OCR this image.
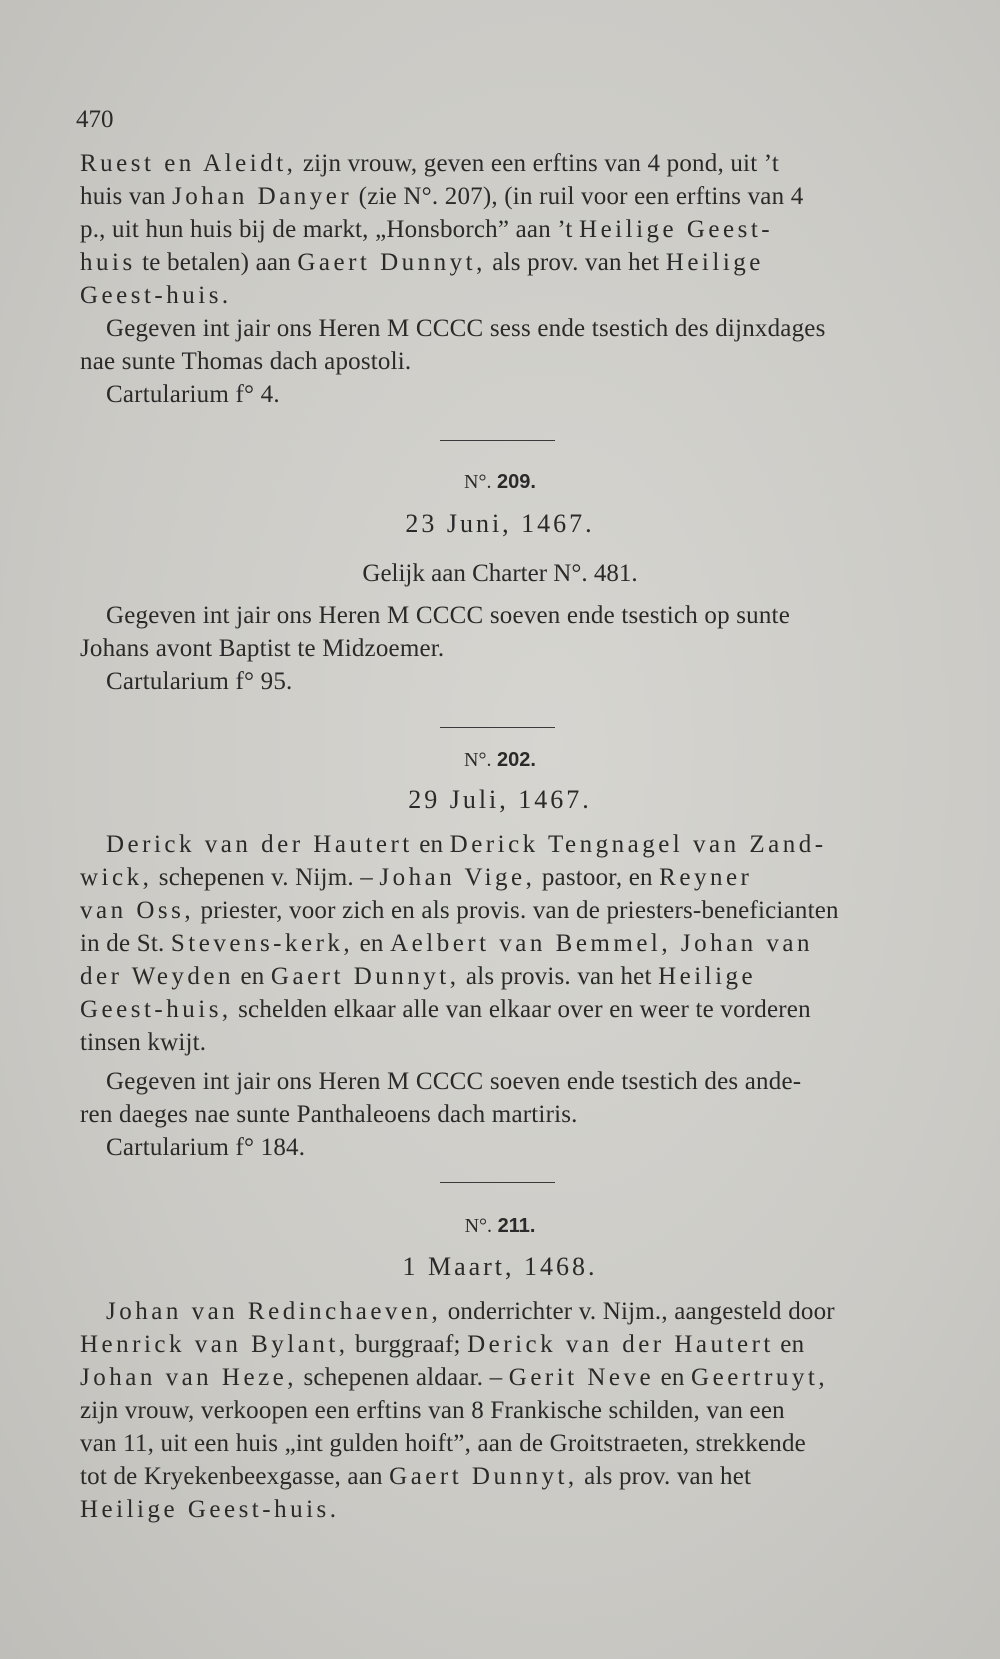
470
Ruest en Aleidt, zijn vrouw, geven een erftins van 4 pond, uit ’t
huis van Johan Danyer (zie N°. 207), (in ruil voor een erftins van 4
p., uit hun huis bij de markt, „Honsborch” aan ’t Heilige Geest-
huis te betalen) aan Gaert Dunnyt, als prov. van het Heilige
Geest-huis.
Gegeven int jair ons Heren M CCCC sess ende tsestich des dijnxdages
nae sunte Thomas dach apostoli.
Cartularium f° 4.
N°. 209.
23 Juni, 1467.
Gelijk aan Charter N°. 481.
Gegeven int jair ons Heren M CCCC soeven ende tsestich op sunte
Johans avont Baptist te Midzoemer.
Cartularium f° 95.
N°. 202.
29 Juli, 1467.
Derick van der Hautert en Derick Tengnagel van Zand-
wick, schepenen v. Nijm. – Johan Vige, pastoor, en Reyner
van Oss, priester, voor zich en als provis. van de priesters-beneficianten
in de St. Stevens-kerk, en Aelbert van Bemmel, Johan van
der Weyden en Gaert Dunnyt, als provis. van het Heilige
Geest-huis, schelden elkaar alle van elkaar over en weer te vorderen
tinsen kwijt.
Gegeven int jair ons Heren M CCCC soeven ende tsestich des ande-
ren daeges nae sunte Panthaleoens dach martiris.
Cartularium f° 184.
N°. 211.
1 Maart, 1468.
Johan van Redinchaeven, onderrichter v. Nijm., aangesteld door
Henrick van Bylant, burggraaf; Derick van der Hautert en
Johan van Heze, schepenen aldaar. – Gerit Neve en Geertruyt,
zijn vrouw, verkoopen een erftins van 8 Frankische schilden, van een
van 11, uit een huis „int gulden hoift”, aan de Groitstraeten, strekkende
tot de Kryekenbeexgasse, aan Gaert Dunnyt, als prov. van het
Heilige Geest-huis.
